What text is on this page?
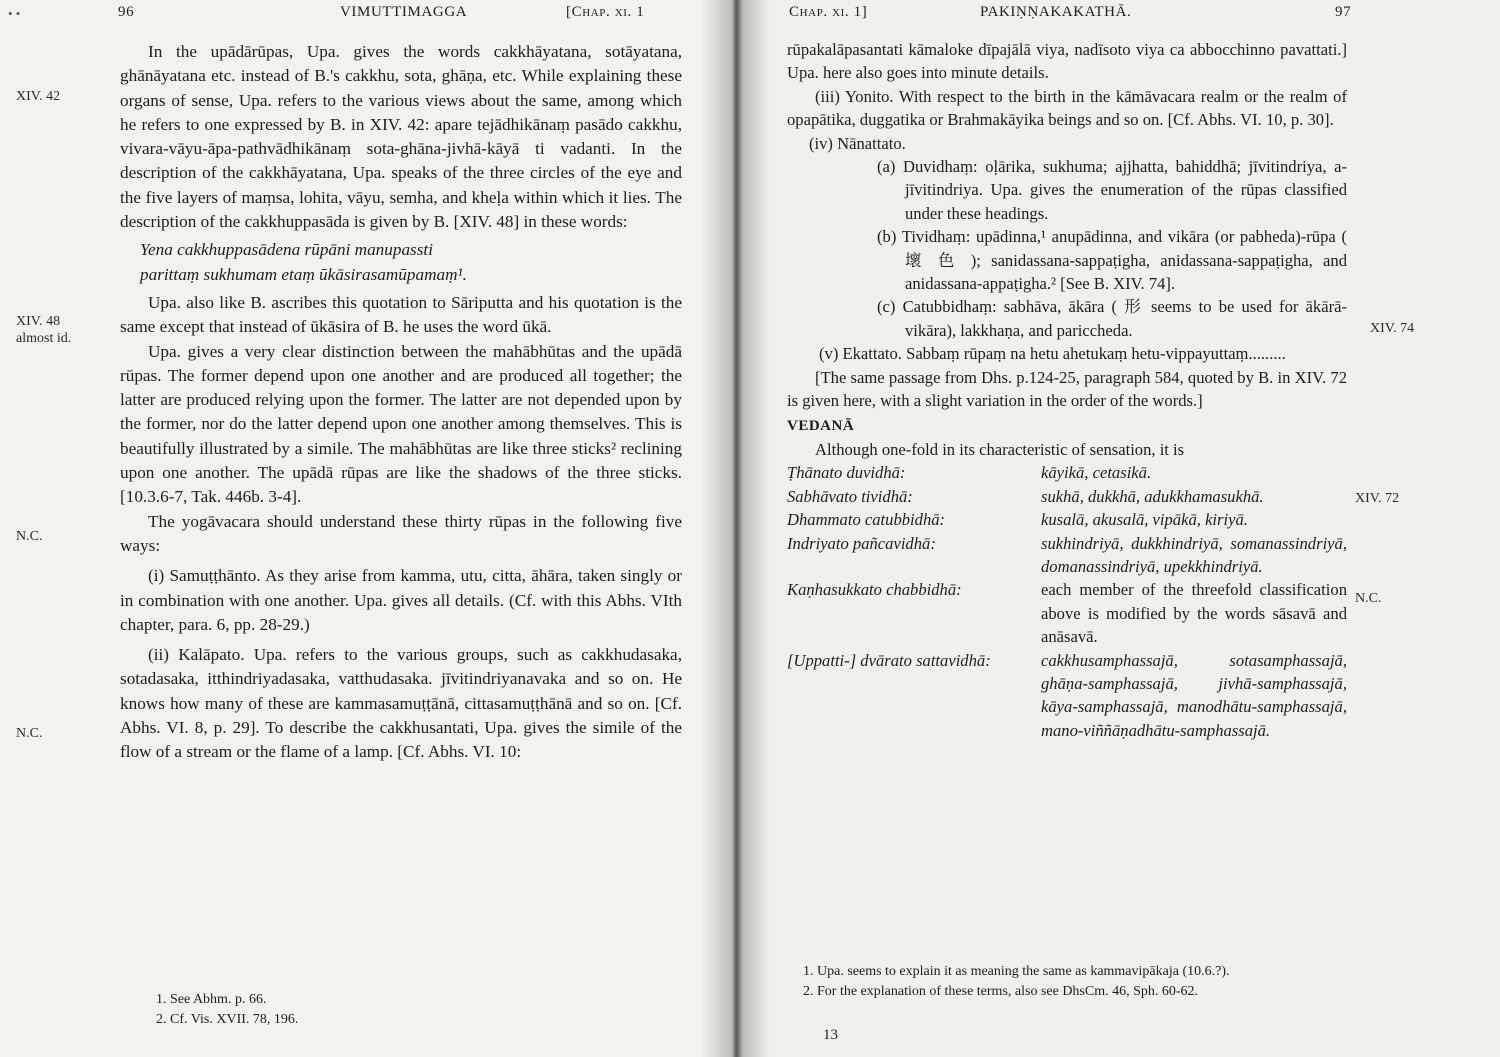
• •	96	VIMUTTIMAGGA	[Chap. xi. 1
XIV. 42
XIV. 48
almost id.
N.C.
N.C.

In the upādārūpas, Upa. gives the words cakkhāyatana, sotāyatana, ghānāyatana etc. instead of B.'s cakkhu, sota, ghāṇa, etc. While explaining these organs of sense, Upa. refers to the various views about the same, among which he refers to one expressed by B. in XIV. 42: apare tejādhikānaṃ pasādo cakkhu, vivara-vāyu-āpa-pathvādhikānaṃ sota-ghāna-jivhā-kāyā ti vadanti. In the description of the cakkhāyatana, Upa. speaks of the three circles of the eye and the five layers of maṃsa, lohita, vāyu, semha, and kheḷa within which it lies. The description of the cakkhuppasāda is given by B. [XIV. 48] in these words:

Yena cakkhuppasādena rūpāni manupassti
parittaṃ sukhumam etaṃ ūkāsirasamūpamaṃ¹.

Upa. also like B. ascribes this quotation to Sāriputta and his quotation is the same except that instead of ūkāsira of B. he uses the word ūkā.

Upa. gives a very clear distinction between the mahābhūtas and the upādā rūpas. The former depend upon one another and are produced all together; the latter are produced relying upon the former. The latter are not depended upon by the former, nor do the latter depend upon one another among themselves. This is beautifully illustrated by a simile. The mahābhūtas are like three sticks² reclining upon one another. The upādā rūpas are like the shadows of the three sticks. [10.3.6-7, Tak. 446b. 3-4].

The yogāvacara should understand these thirty rūpas in the following five ways:

(i) Samuṭṭhānto. As they arise from kamma, utu, citta, āhāra, taken singly or in combination with one another. Upa. gives all details. (Cf. with this Abhs. VIth chapter, para. 6, pp. 28-29.)

(ii) Kalāpato. Upa. refers to the various groups, such as cakkhudasaka, sotadasaka, itthindriyadasaka, vatthudasaka. jīvitindriyanavaka and so on. He knows how many of these are kammasamuṭṭānā, cittasamuṭṭhānā and so on. [Cf. Abhs. VI. 8, p. 29]. To describe the cakkhusantati, Upa. gives the simile of the flow of a stream or the flame of a lamp. [Cf. Abhs. VI. 10:

1. See Abhm. p. 66.

2. Cf. Vis. XVII. 78, 196.

Chap. xi. 1]	PAKIṆṆAKAKATHĀ.	97
XIV. 74
XIV. 72
N.C.

rūpakalāpasantati kāmaloke dīpajālā viya, nadīsoto viya ca abbocchinno pavattati.] Upa. here also goes into minute details.

(iii) Yonito. With respect to the birth in the kāmāvacara realm or the realm of opapātika, duggatika or Brahmakāyika beings and so on. [Cf. Abhs. VI. 10, p. 30].

(iv) Nānattato.

(a) Duvidhaṃ: oḷārika, sukhuma; ajjhatta, bahiddhā; jīvitindriya, a-jīvitindriya. Upa. gives the enumeration of the rūpas classified under these headings.

(b) Tividhaṃ: upādinna,¹ anupādinna, and vikāra (or pabheda)-rūpa ( 壞 色 ); sanidassana-sappaṭigha, anidassana-sappaṭigha, and anidassana-appaṭigha.² [See B. XIV. 74].

(c) Catubbidhaṃ: sabhāva, ākāra ( 形 seems to be used for ākārā-vikāra), lakkhaṇa, and pariccheda.

(v) Ekattato. Sabbaṃ rūpaṃ na hetu ahetukaṃ hetu-vippayuttaṃ.........

[The same passage from Dhs. p.124-25, paragraph 584, quoted by B. in XIV. 72 is given here, with a slight variation in the order of the words.]

VEDANĀ

Although one-fold in its characteristic of sensation, it is

Ṭhānato duvidhā:	kāyikā, cetasikā.
Sabhāvato tividhā:	sukhā, dukkhā, adukkhamasukhā.
Dhammato catubbidhā:	kusalā, akusalā, vipākā, kiriyā.
Indriyato pañcavidhā:	sukhindriyā, dukkhindriyā, somanassindriyā, domanassindriyā, upekkhindriyā.
Kaṇhasukkato chabbidhā:	each member of the threefold classification above is modified by the words sāsavā and anāsavā.
[Uppatti-] dvārato sattavidhā:	cakkhusamphassajā, sotasamphassajā, ghāṇa-samphassajā, jivhā-samphassajā, kāya-samphassajā, manodhātu-samphassajā, mano-viññāṇadhātu-samphassajā.

1. Upa. seems to explain it as meaning the same as kammavipākaja (10.6.?).

2. For the explanation of these terms, also see DhsCm. 46, Sph. 60-62.

13
